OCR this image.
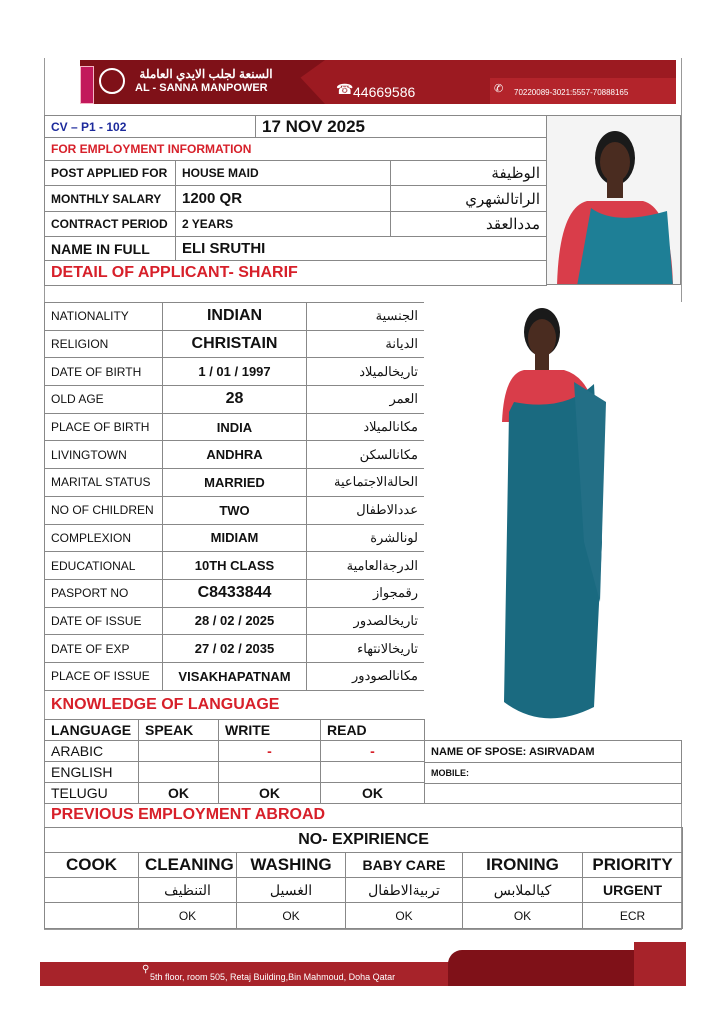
السنعة لجلب الايدي العاملة
AL - SANNA MANPOWER	☎ 44669586	✆ 70220089-3021:5557-70888165
CV – P1 - 102		17 NOV 2025	
FOR EMPLOYMENT INFORMATION			
POST APPLIED FOR	HOUSE MAID		الوظيفة
MONTHLY SALARY	1200 QR		الراتالشهري
CONTRACT PERIOD	2 YEARS		مددالعقد
NAME IN FULL	ELI SRUTHI		
DETAIL OF APPLICANT- SHARIF			
NATIONALITY	INDIAN	الجنسية
RELIGION	CHRISTAIN	الديانة
DATE OF BIRTH	1 / 01 / 1997	تاريخالميلاد
OLD AGE	28	العمر
PLACE OF BIRTH	INDIA	مكانالميلاد
LIVINGTOWN	ANDHRA	مكانالسكن
MARITAL STATUS	MARRIED	الحالةالاجتماعية
NO OF CHILDREN	TWO	عددالاطفال
COMPLEXION	MIDIAM	لونالشرة
EDUCATIONAL	10TH CLASS	الدرجةالعامية
PASPORT NO	C8433844	رقمجواز
DATE OF ISSUE	28 / 02 / 2025	تاريخالصدور
DATE OF EXP	27 / 02 / 2035	تاريخالانتهاء
PLACE OF ISSUE	VISAKHAPATNAM	مكانالصودور
KNOWLEDGE OF LANGUAGE
LANGUAGE	SPEAK	WRITE	READ
ARABIC		-	-
ENGLISH			
TELUGU	OK	OK	OK
NAME OF SPOSE: ASIRVADAM
MOBILE:

PREVIOUS EMPLOYMENT ABROAD
NO- EXPIRIENCE					
COOK	CLEANING	WASHING	BABY CARE	IRONING	PRIORITY
	التنظيف	الغسيل	تربيةالاطفال	كيالملابس	URGENT
	OK	OK	OK	OK	ECR
⚲
5th floor, room 505, Retaj Building,Bin Mahmoud, Doha Qatar
